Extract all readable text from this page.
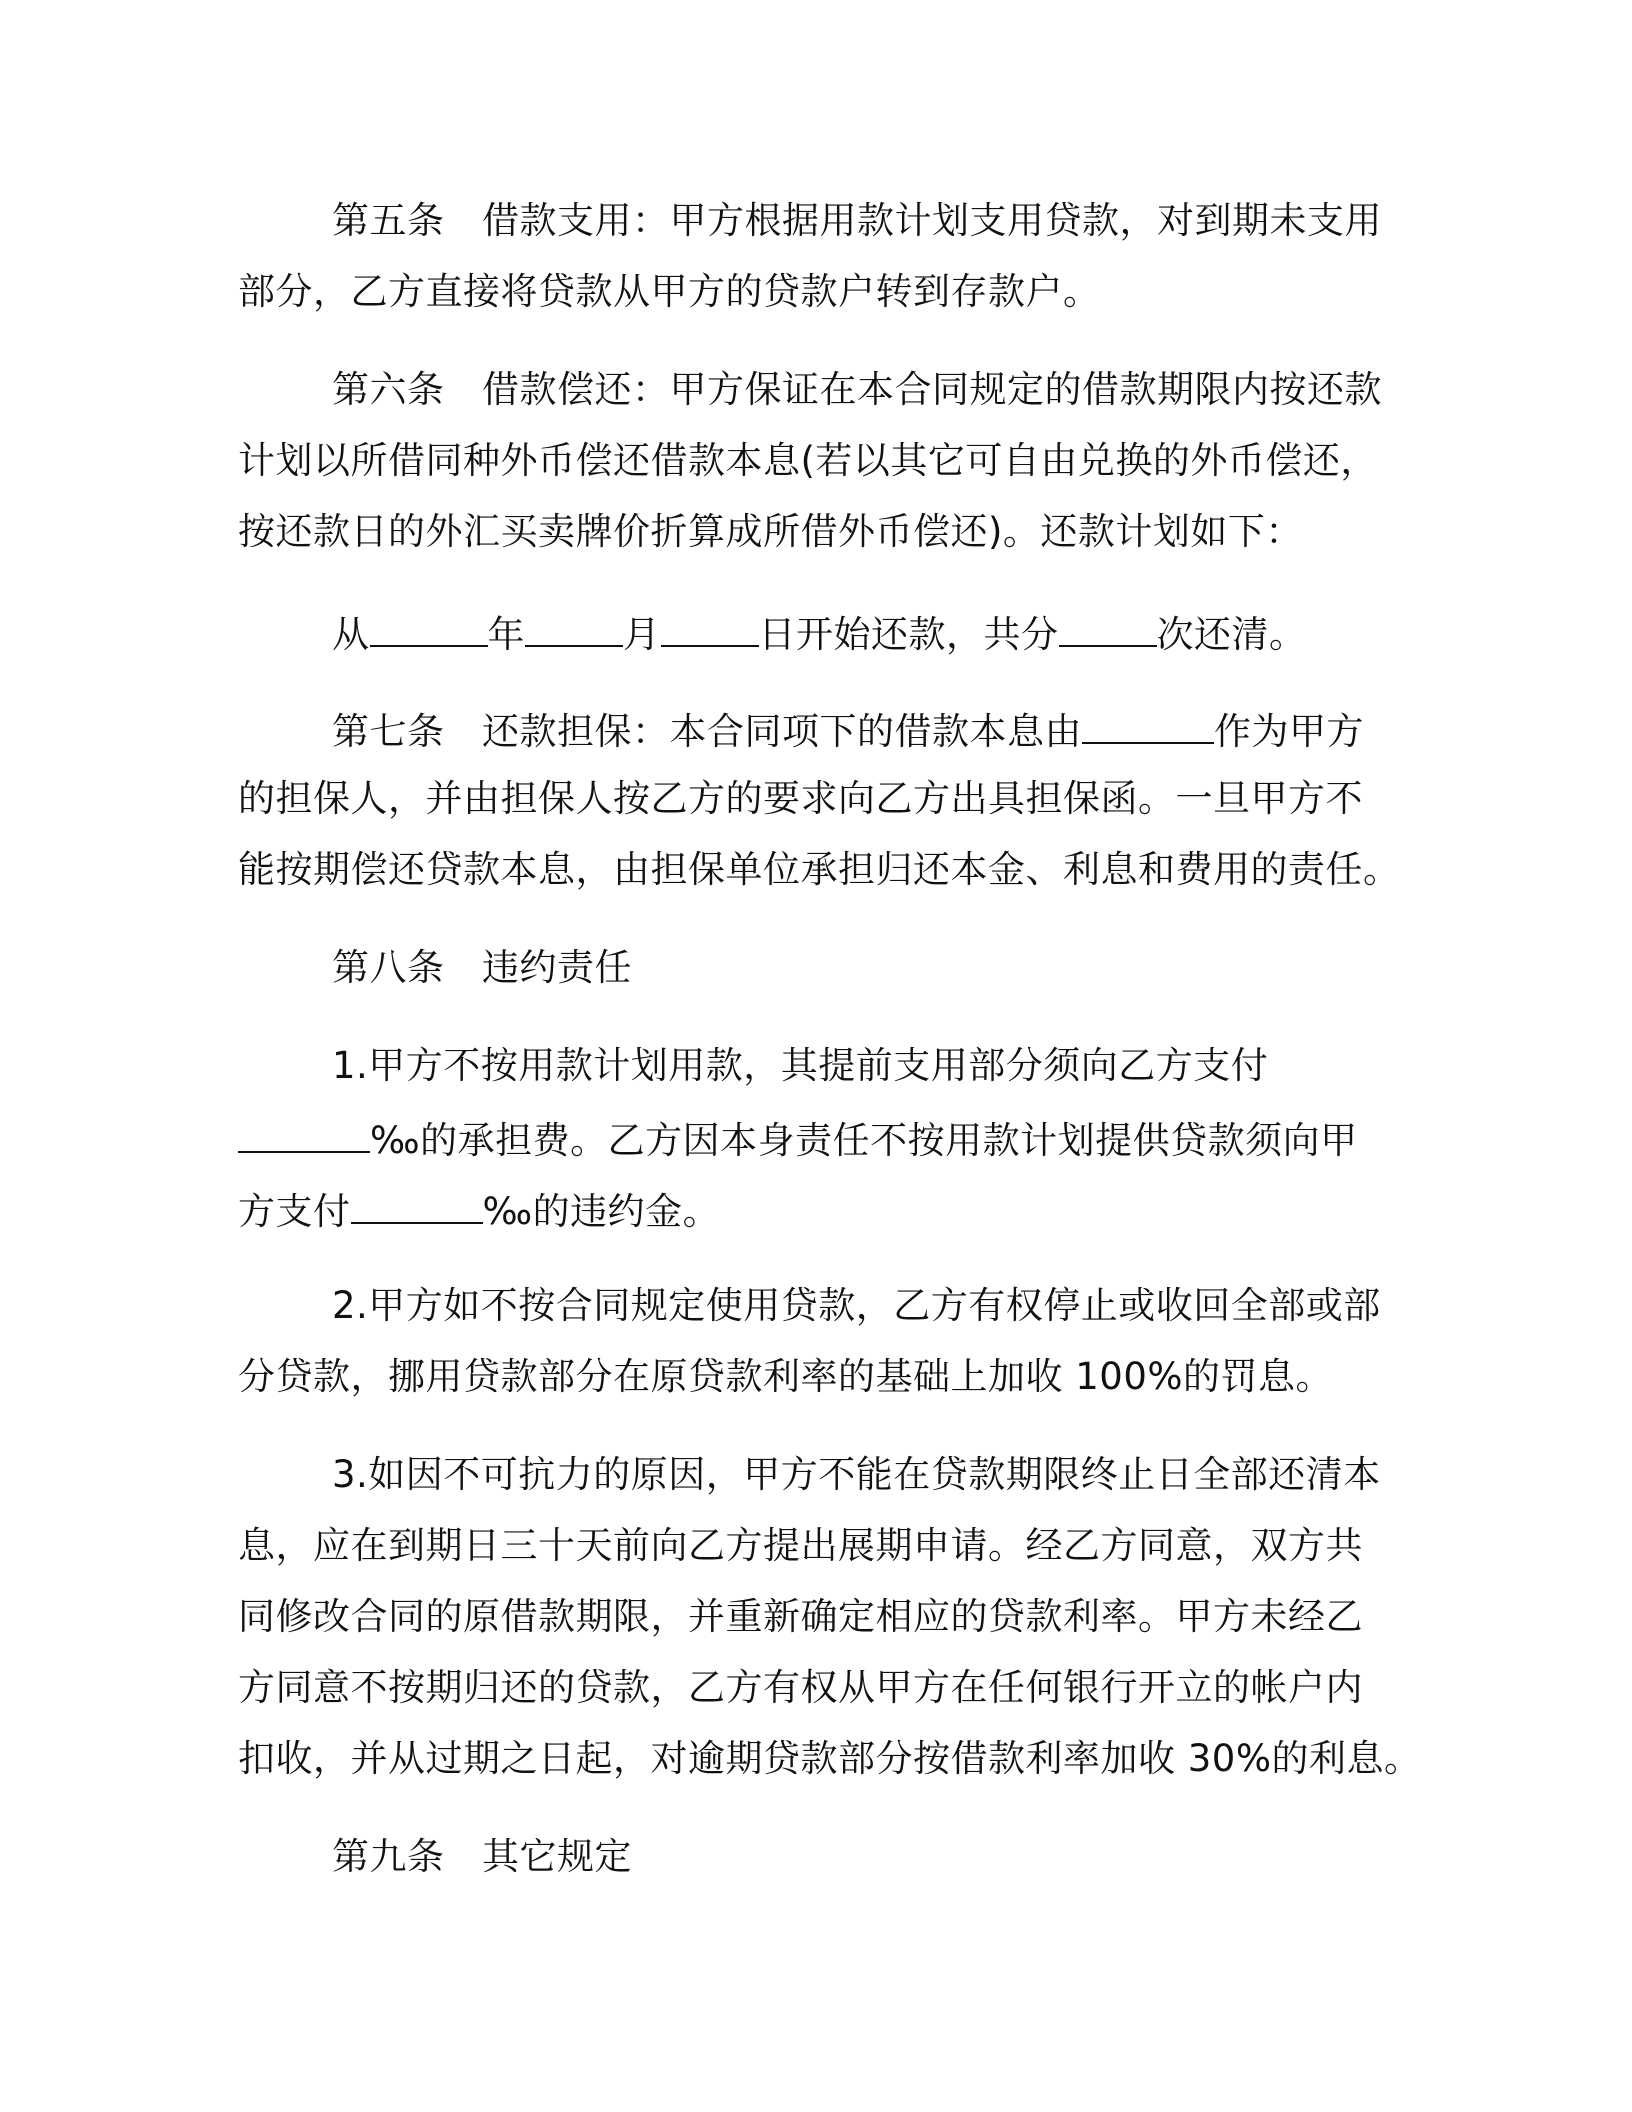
第五条　借款支用：甲方根据用款计划支用贷款，对到期未支用
部分，乙方直接将贷款从甲方的贷款户转到存款户。
第六条　借款偿还：甲方保证在本合同规定的借款期限内按还款
计划以所借同种外币偿还借款本息(若以其它可自由兑换的外币偿还，
按还款日的外汇买卖牌价折算成所借外币偿还)。还款计划如下：
从	年	月	日开始还款，共分	次还清。
第七条　还款担保：本合同项下的借款本息由	作为甲方
的担保人，并由担保人按乙方的要求向乙方出具担保函。一旦甲方不
能按期偿还贷款本息，由担保单位承担归还本金、利息和费用的责任。
第八条　违约责任
1.甲方不按用款计划用款，其提前支用部分须向乙方支付
‰的承担费。乙方因本身责任不按用款计划提供贷款须向甲
方支付	‰的违约金。
2.甲方如不按合同规定使用贷款，乙方有权停止或收回全部或部
分贷款，挪用贷款部分在原贷款利率的基础上加收 100%的罚息。
3.如因不可抗力的原因，甲方不能在贷款期限终止日全部还清本
息，应在到期日三十天前向乙方提出展期申请。经乙方同意，双方共
同修改合同的原借款期限，并重新确定相应的贷款利率。甲方未经乙
方同意不按期归还的贷款，乙方有权从甲方在任何银行开立的帐户内
扣收，并从过期之日起，对逾期贷款部分按借款利率加收 30%的利息。
第九条　其它规定
